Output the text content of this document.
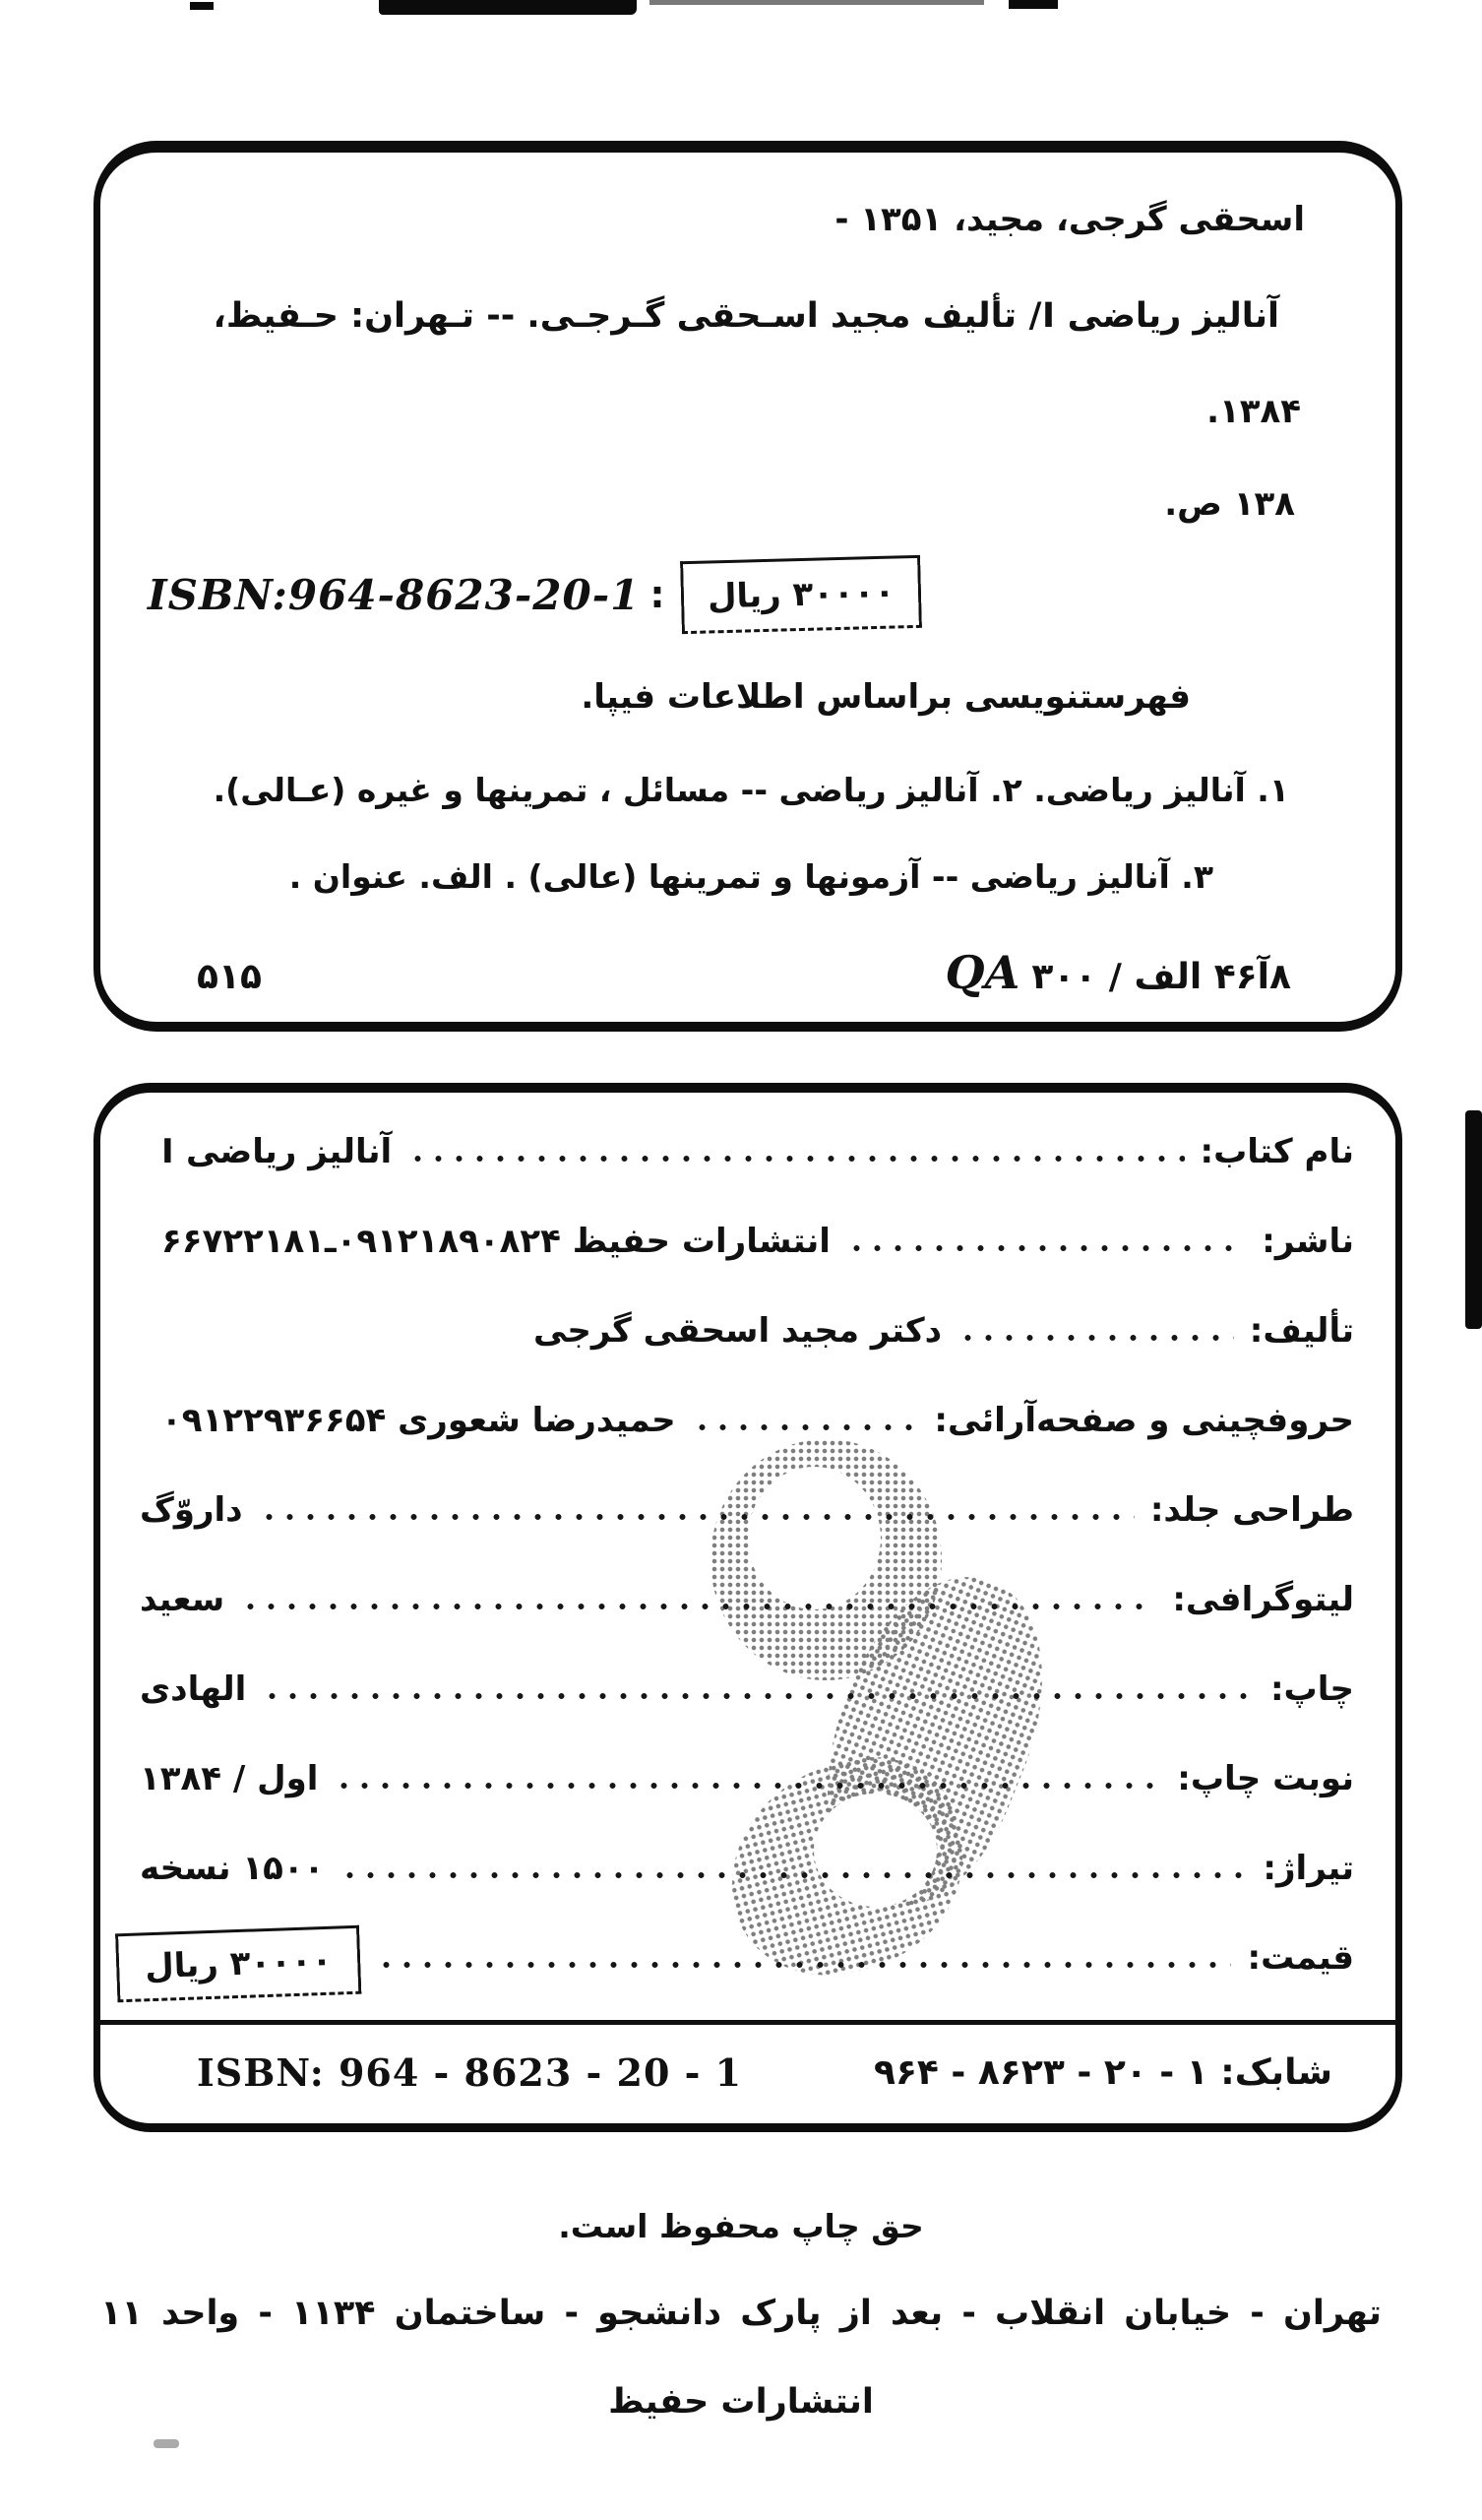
اسحقی گرجی، مجید، ۱۳۵۱ -
آنالیز ریاضی I/ تألیف مجید اسـحقی گـرجـی. -- تـهران: حـفیظ،
۱۳۸۴.
۱۳۸ ص.
ISBN:964-8623-20-1 :	۳۰۰۰۰ ریال
فهرستنویسی براساس اطلاعات فیپا.
۱. آنالیز ریاضی. ۲. آنالیز ریاضی -- مسائل ، تمرینها و غیره (عـالی).
۳. آنالیز ریاضی -- آزمونها و تمرینها (عالی) . الف. عنوان .
۵۱۵	QA ۸آ۴۶ الف / ۳۰۰
نام کتاب:
آنالیز ریاضی I
ناشر:
انتشارات حفیظ ۰۹۱۲۱۸۹۰۸۲۴ـ۶۶۷۲۲۱۸۱
تألیف:
دکتر مجید اسحقی گرجی
حروفچینی و صفحه‌آرائی:
حمیدرضا شعوری ۰۹۱۲۲۹۳۶۶۵۴
طراحی جلد:
داروّگ
لیتوگرافی:
سعید
چاپ:
الهادی
نوبت چاپ:
اول / ۱۳۸۴
تیراژ:
۱۵۰۰ نسخه
قیمت:
۳۰۰۰۰ ریال
شابک: ۱ - ۲۰ - ۸۶۲۳ - ۹۶۴
ISBN: 964 - 8623 - 20 - 1
حق چاپ محفوظ است.
تهران - خیابان انقلاب - بعد از پارک دانشجو - ساختمان ۱۱۳۴ - واحد ۱۱
انتشارات حفیظ
